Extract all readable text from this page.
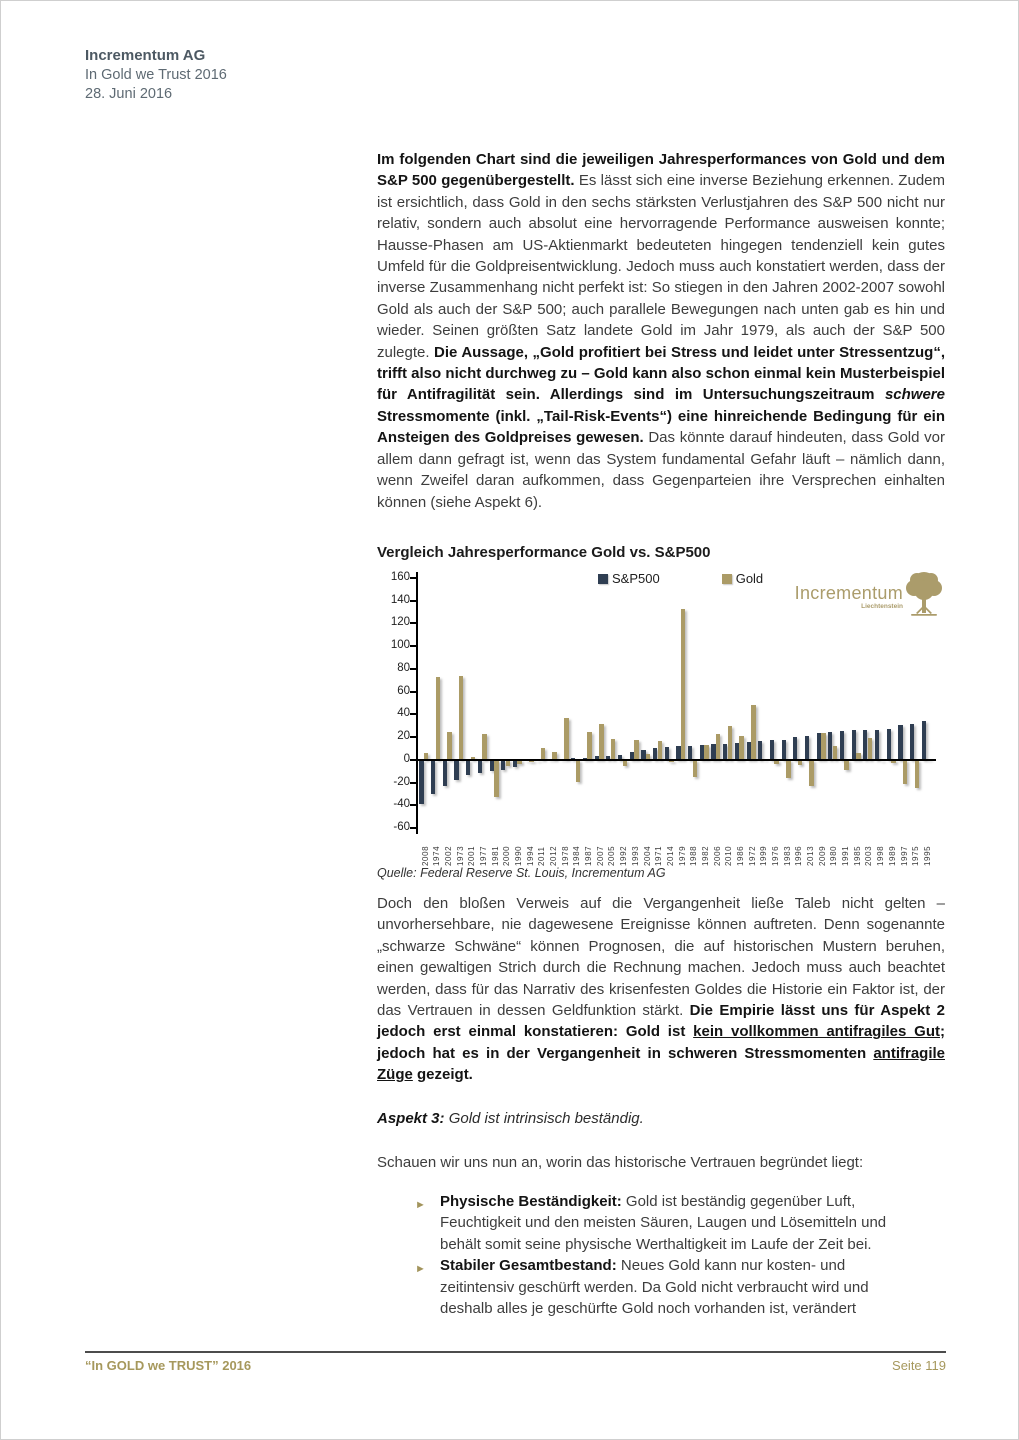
Incrementum AG
In Gold we Trust 2016
28. Juni 2016
Im folgenden Chart sind die jeweiligen Jahresperformances von Gold und dem S&P 500 gegenübergestellt. Es lässt sich eine inverse Beziehung erkennen. Zudem ist ersichtlich, dass Gold in den sechs stärksten Verlustjahren des S&P 500 nicht nur relativ, sondern auch absolut eine hervorragende Performance ausweisen konnte; Hausse-Phasen am US-Aktienmarkt bedeuteten hingegen tendenziell kein gutes Umfeld für die Goldpreisentwicklung. Jedoch muss auch konstatiert werden, dass der inverse Zusammenhang nicht perfekt ist: So stiegen in den Jahren 2002-2007 sowohl Gold als auch der S&P 500; auch parallele Bewegungen nach unten gab es hin und wieder. Seinen größten Satz landete Gold im Jahr 1979, als auch der S&P 500 zulegte. Die Aussage, „Gold profitiert bei Stress und leidet unter Stressentzug“, trifft also nicht durchweg zu – Gold kann also schon einmal kein Musterbeispiel für Antifragilität sein. Allerdings sind im Untersuchungszeitraum schwere Stressmomente (inkl. „Tail-Risk-Events“) eine hinreichende Bedingung für ein Ansteigen des Goldpreises gewesen. Das könnte darauf hindeuten, dass Gold vor allem dann gefragt ist, wenn das System fundamental Gefahr läuft – nämlich dann, wenn Zweifel daran aufkommen, dass Gegenparteien ihre Versprechen einhalten können (siehe Aspekt 6).
Vergleich Jahresperformance Gold vs. S&P500
S&P500	Gold
Incrementum
Liechtenstein
160
140
120
100
80
60
40
20
0
-20
-40
-60
2008 1974 2002 1973 2001 1977 1981 2000 1990 1994 2011 2012 1978 1984 1987 2007 2005 1992 1993 2004 1971 2014 1979 1988 1982 2006 2010 1986 1972 1999 1976 1983 1996 2013 2009 1980 1991 1985 2003 1998 1989 1997 1975 1995
Quelle: Federal Reserve St. Louis, Incrementum AG
Doch den bloßen Verweis auf die Vergangenheit ließe Taleb nicht gelten – unvorhersehbare, nie dagewesene Ereignisse können auftreten. Denn sogenannte „schwarze Schwäne“ können Prognosen, die auf historischen Mustern beruhen, einen gewaltigen Strich durch die Rechnung machen. Jedoch muss auch beachtet werden, dass für das Narrativ des krisenfesten Goldes die Historie ein Faktor ist, der das Vertrauen in dessen Geldfunktion stärkt. Die Empirie lässt uns für Aspekt 2 jedoch erst einmal konstatieren: Gold ist kein vollkommen antifragiles Gut; jedoch hat es in der Vergangenheit in schweren Stressmomenten antifragile Züge gezeigt.
Aspekt 3: Gold ist intrinsisch beständig.
Schauen wir uns nun an, worin das historische Vertrauen begründet liegt:
► Physische Beständigkeit: Gold ist beständig gegenüber Luft, Feuchtigkeit und den meisten Säuren, Laugen und Lösemitteln und behält somit seine physische Werthaltigkeit im Laufe der Zeit bei.
► Stabiler Gesamtbestand: Neues Gold kann nur kosten- und zeitintensiv geschürft werden. Da Gold nicht verbraucht wird und deshalb alles je geschürfte Gold noch vorhanden ist, verändert
“In GOLD we TRUST” 2016	Seite 119
